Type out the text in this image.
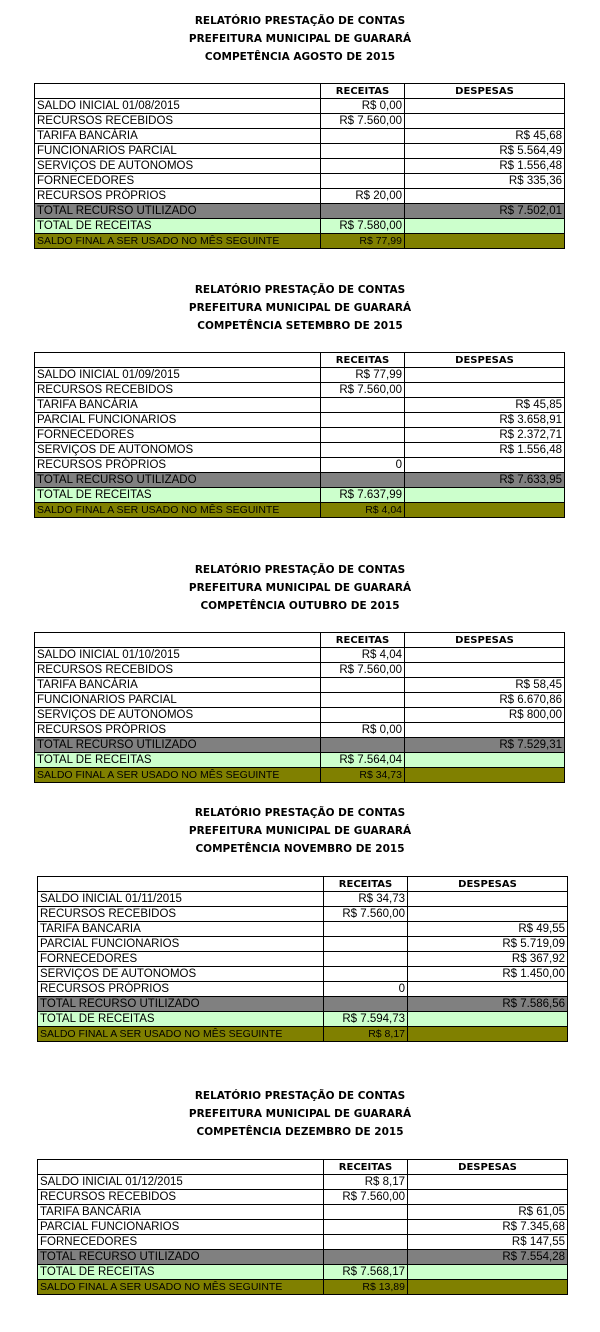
RELATÓRIO PRESTAÇÃO DE CONTAS
PREFEITURA MUNICIPAL DE GUARARÁ
COMPETÊNCIA AGOSTO DE 2015
	RECEITAS	DESPESAS
SALDO INICIAL 01/08/2015	R$ 0,00	
RECURSOS RECEBIDOS	R$ 7.560,00	
TARIFA BANCÁRIA		R$ 45,68
FUNCIONARIOS PARCIAL		R$ 5.564,49
SERVIÇOS DE AUTONOMOS		R$ 1.556,48
FORNECEDORES		R$ 335,36
RECURSOS PRÓPRIOS	R$ 20,00	
TOTAL RECURSO UTILIZADO		R$ 7.502,01
TOTAL DE RECEITAS	R$ 7.580,00	
SALDO FINAL A SER USADO NO MÊS SEGUINTE	R$ 77,99	
RELATÓRIO PRESTAÇÃO DE CONTAS
PREFEITURA MUNICIPAL DE GUARARÁ
COMPETÊNCIA SETEMBRO DE 2015
	RECEITAS	DESPESAS
SALDO INICIAL 01/09/2015	R$ 77,99	
RECURSOS RECEBIDOS	R$ 7.560,00	
TARIFA BANCÁRIA		R$ 45,85
PARCIAL FUNCIONARIOS		R$ 3.658,91
FORNECEDORES		R$ 2.372,71
SERVIÇOS DE AUTONOMOS		R$ 1.556,48
RECURSOS PRÓPRIOS	0	
TOTAL RECURSO UTILIZADO		R$ 7.633,95
TOTAL DE RECEITAS	R$ 7.637,99	
SALDO FINAL A SER USADO NO MÊS SEGUINTE	R$ 4,04	
RELATÓRIO PRESTAÇÃO DE CONTAS
PREFEITURA MUNICIPAL DE GUARARÁ
COMPETÊNCIA OUTUBRO DE 2015
	RECEITAS	DESPESAS
SALDO INICIAL 01/10/2015	R$ 4,04	
RECURSOS RECEBIDOS	R$ 7.560,00	
TARIFA BANCÁRIA		R$ 58,45
FUNCIONARIOS PARCIAL		R$ 6.670,86
SERVIÇOS DE AUTONOMOS		R$ 800,00
RECURSOS PRÓPRIOS	R$ 0,00	
TOTAL RECURSO UTILIZADO		R$ 7.529,31
TOTAL DE RECEITAS	R$ 7.564,04	
SALDO FINAL A SER USADO NO MÊS SEGUINTE	R$ 34,73	
RELATÓRIO PRESTAÇÃO DE CONTAS
PREFEITURA MUNICIPAL DE GUARARÁ
COMPETÊNCIA NOVEMBRO DE 2015
	RECEITAS	DESPESAS
SALDO INICIAL 01/11/2015	R$ 34,73	
RECURSOS RECEBIDOS	R$ 7.560,00	
TARIFA BANCARIA		R$ 49,55
PARCIAL FUNCIONARIOS		R$ 5.719,09
FORNECEDORES		R$ 367,92
SERVIÇOS DE AUTONOMOS		R$ 1.450,00
RECURSOS PRÓPRIOS	0	
TOTAL RECURSO UTILIZADO		R$ 7.586,56
TOTAL DE RECEITAS	R$ 7.594,73	
SALDO FINAL A SER USADO NO MÊS SEGUINTE	R$ 8,17	
RELATÓRIO PRESTAÇÃO DE CONTAS
PREFEITURA MUNICIPAL DE GUARARÁ
COMPETÊNCIA DEZEMBRO DE 2015
	RECEITAS	DESPESAS
SALDO INICIAL 01/12/2015	R$ 8,17	
RECURSOS RECEBIDOS	R$ 7.560,00	
TARIFA BANCÁRIA		R$ 61,05
PARCIAL FUNCIONARIOS		R$ 7.345,68
FORNECEDORES		R$ 147,55
TOTAL RECURSO UTILIZADO		R$ 7.554,28
TOTAL DE RECEITAS	R$ 7.568,17	
SALDO FINAL A SER USADO NO MÊS SEGUINTE	R$ 13,89	
